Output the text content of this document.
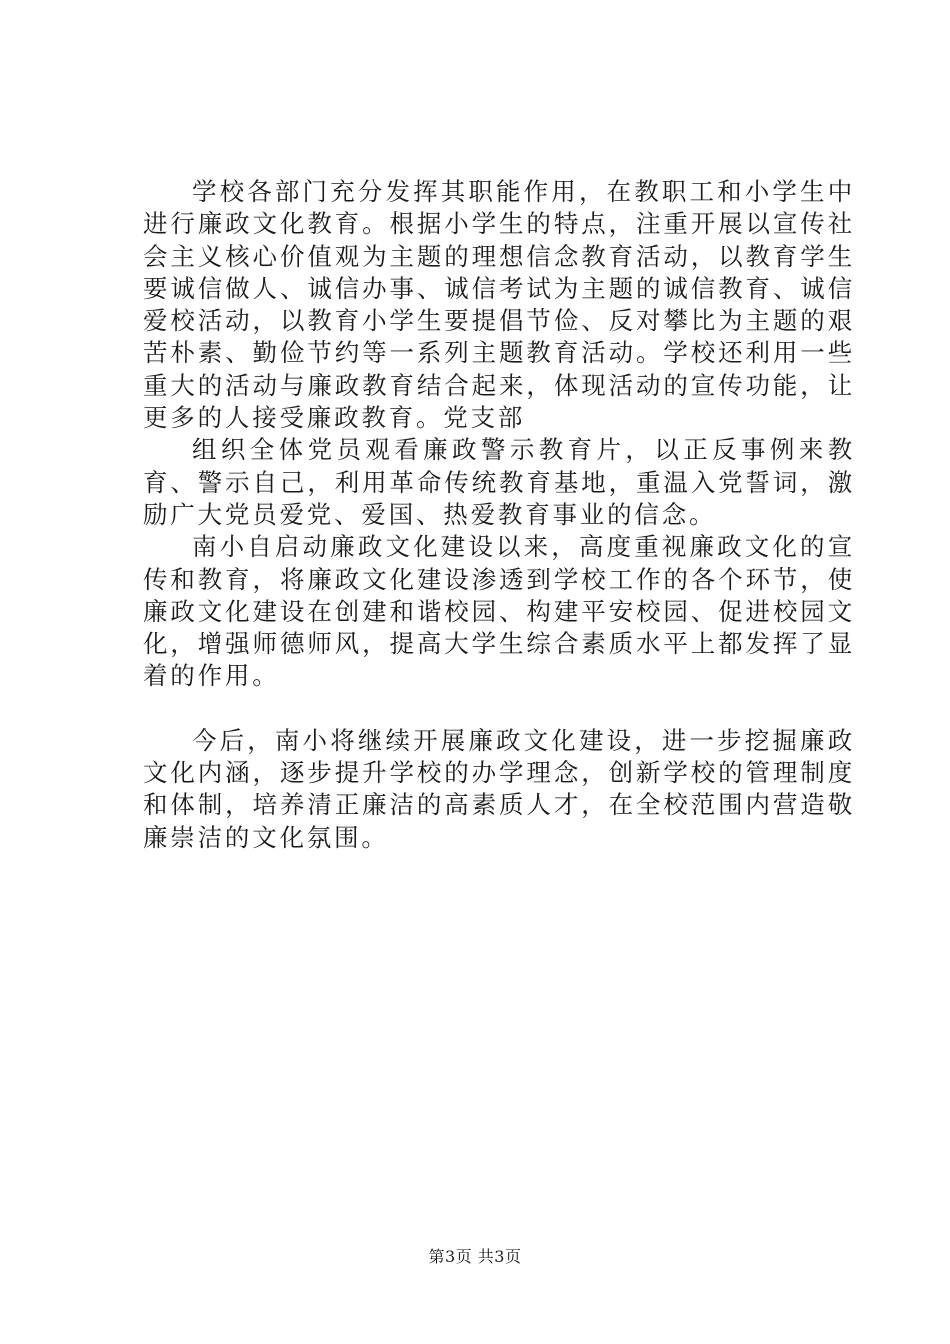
学校各部门充分发挥其职能作用，在教职工和小学生中进行廉政文化教育。根据小学生的特点，注重开展以宣传社会主义核心价值观为主题的理想信念教育活动，以教育学生要诚信做人、诚信办事、诚信考试为主题的诚信教育、诚信爱校活动，以教育小学生要提倡节俭、反对攀比为主题的艰苦朴素、勤俭节约等一系列主题教育活动。学校还利用一些重大的活动与廉政教育结合起来，体现活动的宣传功能，让更多的人接受廉政教育。党支部

组织全体党员观看廉政警示教育片，以正反事例来教育、警示自己，利用革命传统教育基地，重温入党誓词，激励广大党员爱党、爱国、热爱教育事业的信念。

南小自启动廉政文化建设以来，高度重视廉政文化的宣传和教育，将廉政文化建设渗透到学校工作的各个环节，使廉政文化建设在创建和谐校园、构建平安校园、促进校园文化，增强师德师风，提高大学生综合素质水平上都发挥了显着的作用。

今后，南小将继续开展廉政文化建设，进一步挖掘廉政文化内涵，逐步提升学校的办学理念，创新学校的管理制度和体制，培养清正廉洁的高素质人才，在全校范围内营造敬廉崇洁的文化氛围。

第3页 共3页
